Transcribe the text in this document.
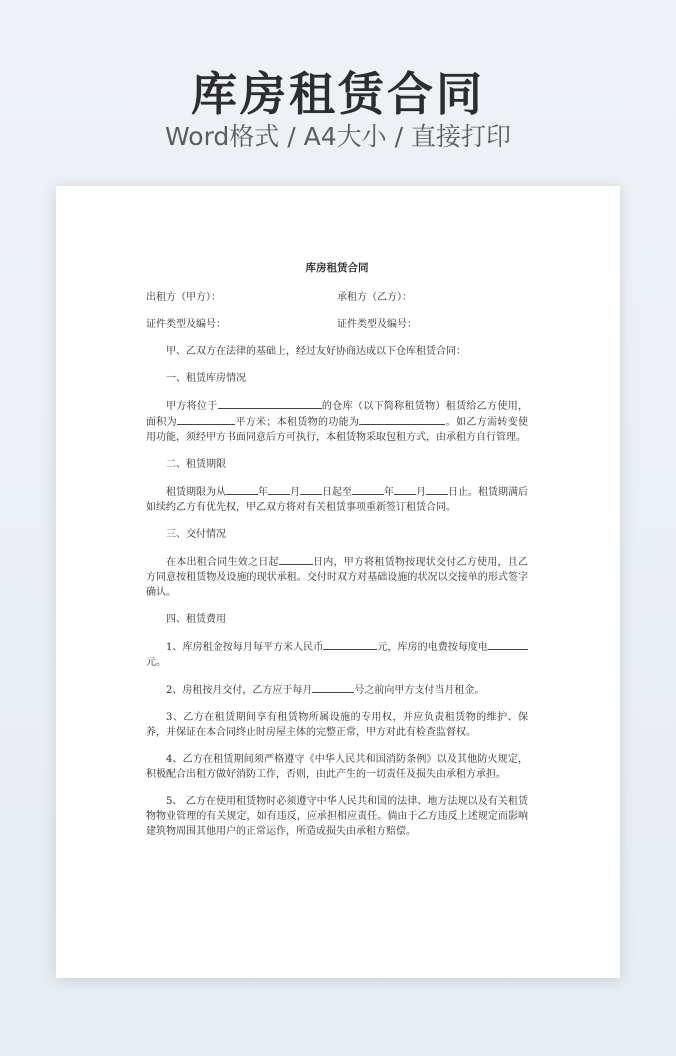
库房租赁合同
Word格式 / A4大小 / 直接打印
库房租赁合同
出租方（甲方）：	承租方（乙方）：
证件类型及编号：	证件类型及编号：

甲、乙双方在法律的基础上，经过友好协商达成以下仓库租赁合同：

一、租赁库房情况

甲方将位于	的仓库（以下简称租赁物）租赁给乙方使用，面积为	平方米；本租赁物的功能为	。如乙方需转变使用功能，须经甲方书面同意后方可执行，本租赁物采取包租方式，由承租方自行管理。

二、租赁期限

租赁期限为从	年 月 日起至	年 月 日止。租赁期满后如续约乙方有优先权，甲乙双方将对有关租赁事项重新签订租赁合同。

三、交付情况

在本出租合同生效之日起	日内，甲方将租赁物按现状交付乙方使用，且乙方同意按租赁物及设施的现状承租。交付时双方对基础设施的状况以交接单的形式签字确认。

四、租赁费用

1、库房租金按每月每平方米人民币	元，库房的电费按每度电元。

2、房租按月交付，乙方应于每月	号之前向甲方支付当月租金。

3、乙方在租赁期间享有租赁物所属设施的专用权，并应负责租赁物的维护、保养，并保证在本合同终止时房屋主体的完整正常，甲方对此有检查监督权。

4、乙方在租赁期间须严格遵守《中华人民共和国消防条例》以及其他防火规定，积极配合出租方做好消防工作，否则，由此产生的一切责任及损失由承租方承担。

5、 乙方在使用租赁物时必须遵守中华人民共和国的法律、地方法规以及有关租赁物物业管理的有关规定，如有违反，应承担相应责任。倘由于乙方违反上述规定而影响建筑物周围其他用户的正常运作，所造成损失由承租方赔偿。
